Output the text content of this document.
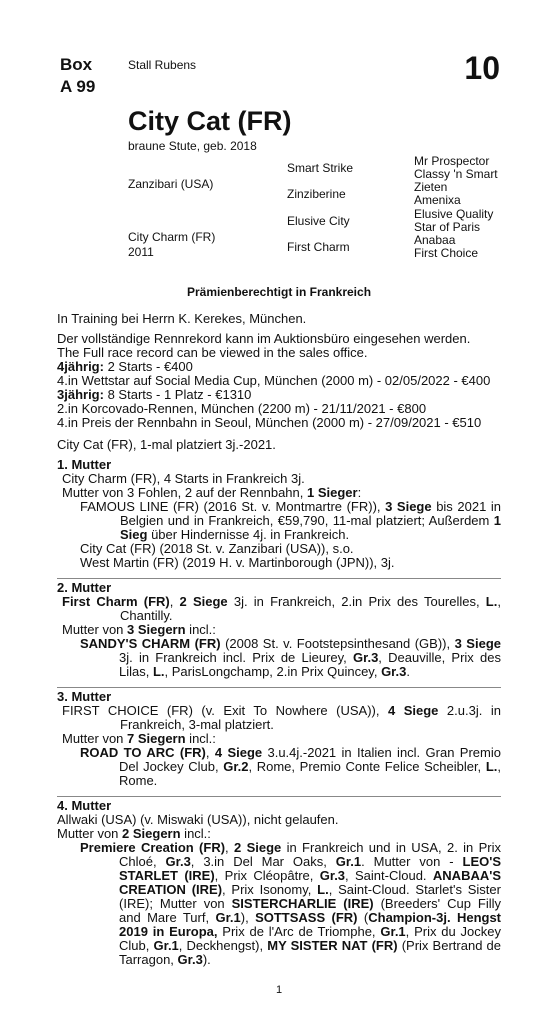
Box
A 99
Stall Rubens	10
City Cat (FR)
braune Stute, geb. 2018
Zanzibari (USA)
City Charm (FR)
2011
Smart Strike
Zinziberine
Elusive City
First Charm
Mr Prospector
Classy 'n Smart
Zieten
Amenixa
Elusive Quality
Star of Paris
Anabaa
First Choice
Prämienberechtigt in Frankreich

In Training bei Herrn K. Kerekes, München.

Der vollständige Rennrekord kann im Auktionsbüro eingesehen werden.

The Full race record can be viewed in the sales office.

4jährig: 2 Starts - €400

4.in Wettstar auf Social Media Cup, München (2000 m) - 02/05/2022 - €400

3jährig: 8 Starts - 1 Platz - €1310

2.in Korcovado-Rennen, München (2200 m) - 21/11/2021 - €800

4.in Preis der Rennbahn in Seoul, München (2000 m) - 27/09/2021 - €510

City Cat (FR), 1-mal platziert 3j.-2021.

1. Mutter

City Charm (FR), 4 Starts in Frankreich 3j.

Mutter von 3 Fohlen, 2 auf der Rennbahn, 1 Sieger:

FAMOUS LINE (FR) (2016 St. v. Montmartre (FR)), 3 Siege bis 2021 in Belgien und in Frankreich, €59,790, 11-mal platziert; Außerdem 1 Sieg über Hindernisse 4j. in Frankreich.

City Cat (FR) (2018 St. v. Zanzibari (USA)), s.o.

West Martin (FR) (2019 H. v. Martinborough (JPN)), 3j.

2. Mutter

First Charm (FR), 2 Siege 3j. in Frankreich, 2.in Prix des Tourelles, L., Chantilly.

Mutter von 3 Siegern incl.:

SANDY'S CHARM (FR) (2008 St. v. Footstepsinthesand (GB)), 3 Siege 3j. in Frankreich incl. Prix de Lieurey, Gr.3, Deauville, Prix des Lilas, L., ParisLongchamp, 2.in Prix Quincey, Gr.3.

3. Mutter

FIRST CHOICE (FR) (v. Exit To Nowhere (USA)), 4 Siege 2.u.3j. in Frankreich, 3-mal platziert.

Mutter von 7 Siegern incl.:

ROAD TO ARC (FR), 4 Siege 3.u.4j.-2021 in Italien incl. Gran Premio Del Jockey Club, Gr.2, Rome, Premio Conte Felice Scheibler, L., Rome.

4. Mutter

Allwaki (USA) (v. Miswaki (USA)), nicht gelaufen.

Mutter von 2 Siegern incl.:

Premiere Creation (FR), 2 Siege in Frankreich und in USA, 2. in Prix Chloé, Gr.3, 3.in Del Mar Oaks, Gr.1. Mutter von - LEO'S STARLET (IRE), Prix Cléopâtre, Gr.3, Saint-Cloud. ANABAA'S CREATION (IRE), Prix Isonomy, L., Saint-Cloud. Starlet's Sister (IRE); Mutter von SISTERCHARLIE (IRE) (Breeders' Cup Filly and Mare Turf, Gr.1), SOTTSASS (FR) (Champion-3j. Hengst 2019 in Europa, Prix de l'Arc de Triomphe, Gr.1, Prix du Jockey Club, Gr.1, Deckhengst), MY SISTER NAT (FR) (Prix Bertrand de Tarragon, Gr.3).

1
